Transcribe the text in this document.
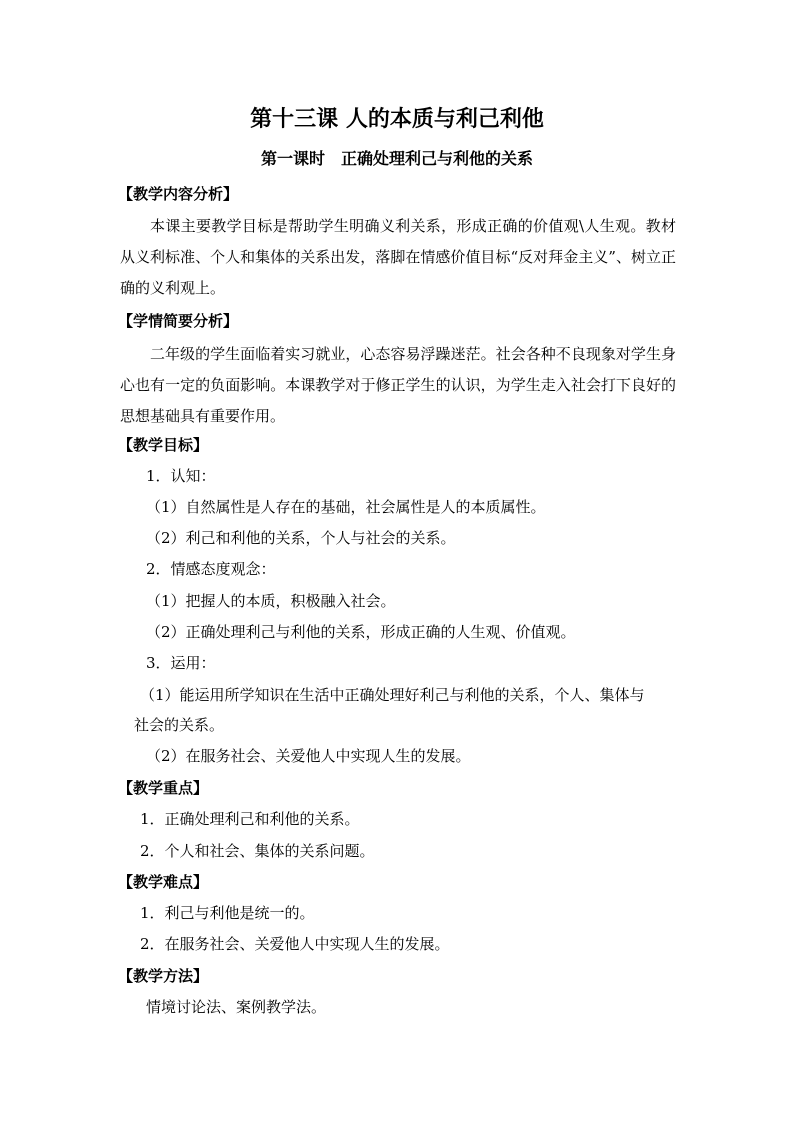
第十三课 人的本质与利己利他
第一课时　正确处理利己与利他的关系
【教学内容分析】
本课主要教学目标是帮助学生明确义利关系，形成正确的价值观\人生观。教材从义利标准、个人和集体的关系出发，落脚在情感价值目标“反对拜金主义”、树立正确的义利观上。
【学情简要分析】
二年级的学生面临着实习就业，心态容易浮躁迷茫。社会各种不良现象对学生身心也有一定的负面影响。本课教学对于修正学生的认识，为学生走入社会打下良好的思想基础具有重要作用。
【教学目标】
1．认知：
（1）自然属性是人存在的基础，社会属性是人的本质属性。
（2）利己和利他的关系，个人与社会的关系。
2．情感态度观念：
（1）把握人的本质，积极融入社会。
（2）正确处理利己与利他的关系，形成正确的人生观、价值观。
3．运用：
（1）能运用所学知识在生活中正确处理好利己与利他的关系，个人、集体与
社会的关系。
（2）在服务社会、关爱他人中实现人生的发展。
【教学重点】
1．正确处理利己和利他的关系。
2．个人和社会、集体的关系问题。
【教学难点】
1．利己与利他是统一的。
2．在服务社会、关爱他人中实现人生的发展。
【教学方法】
情境讨论法、案例教学法。
